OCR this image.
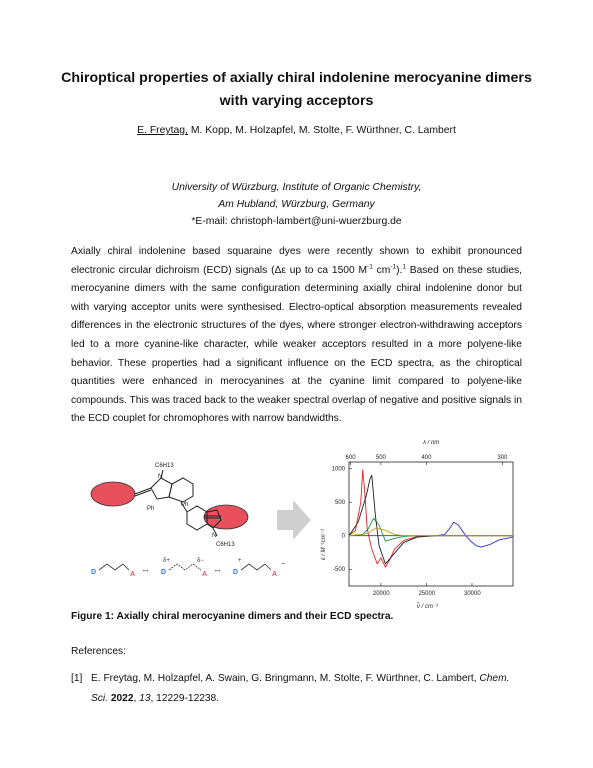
Chiroptical properties of axially chiral indolenine merocyanine dimers
with varying acceptors
E. Freytag, M. Kopp, M. Holzapfel, M. Stolte, F. Würthner, C. Lambert
University of Würzburg, Institute of Organic Chemistry,
Am Hubland, Würzburg, Germany
*E-mail: christoph-lambert@uni-wuerzburg.de
Axially chiral indolenine based squaraine dyes were recently shown to exhibit pronounced electronic circular dichroism (ECD) signals (Δε up to ca 1500 $M^{-1}$ $cm^{-1}).^1$ Based on these studies, merocyanine dimers with the same configuration determining axially chiral indolenine donor but with varying acceptor units were synthesised. Electro-optical absorption measurements revealed differences in the electronic structures of the dyes, where stronger electron-withdrawing acceptors led to a more cyanine-like character, while weaker acceptors resulted in a more polyene-like behavior. These properties had a significant influence on the ECD spectra, as the chiroptical quantities were enhanced in merocyanines at the cyanine limit compared to polyene-like compounds. This was traced back to the weaker spectral overlap of negative and positive signals in the ECD couplet for chromophores with narrow bandwidths.
C6H13
N
Ph
Ph
N
C6H13
D	A
↔
δ+
D
δ−
A
↔
+
D	A
−
λ / nm
ν̃ / cm⁻¹
ε / M⁻¹cm⁻¹
20000	25000	30000
-500
0
500
1000
600	500	400	300
Figure 1: Axially chiral merocyanine dimers and their ECD spectra.
References:
[1] E. Freytag, M. Holzapfel, A. Swain, G. Bringmann, M. Stolte, F. Würthner, C. Lambert, Chem. Sci. 2022, 13, 12229-12238.
